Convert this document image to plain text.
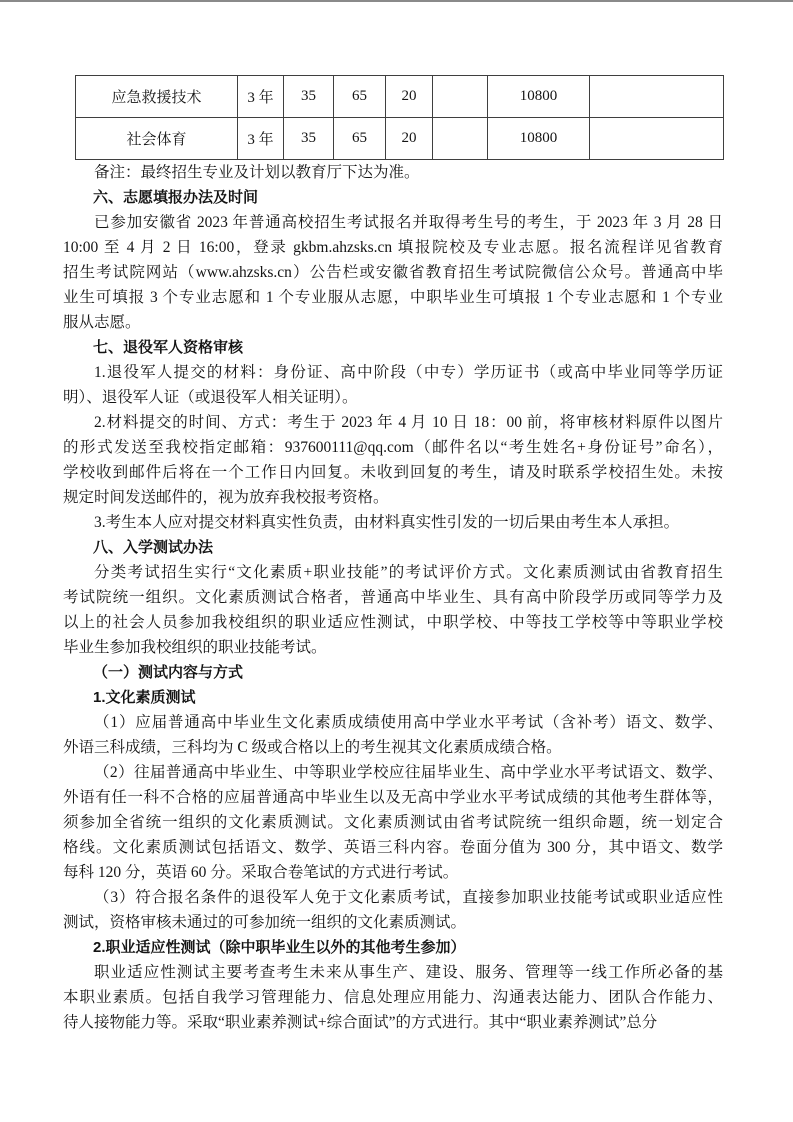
应急救援技术	3 年	35	65	20		10800	
社会体育	3 年	35	65	20		10800	
备注：最终招生专业及计划以教育厅下达为准。
六、志愿填报办法及时间
已参加安徽省 2023 年普通高校招生考试报名并取得考生号的考生，于 2023 年 3 月 28 日
10:00 至 4 月 2 日 16:00，登录 gkbm.ahzsks.cn 填报院校及专业志愿。报名流程详见省教育
招生考试院网站（www.ahzsks.cn）公告栏或安徽省教育招生考试院微信公众号。普通高中毕
业生可填报 3 个专业志愿和 1 个专业服从志愿，中职毕业生可填报 1 个专业志愿和 1 个专业
服从志愿。
七、退役军人资格审核
1.退役军人提交的材料：身份证、高中阶段（中专）学历证书（或高中毕业同等学历证
明）、退役军人证（或退役军人相关证明）。
2.材料提交的时间、方式：考生于 2023 年 4 月 10 日 18：00 前，将审核材料原件以图片
的形式发送至我校指定邮箱：937600111@qq.com（邮件名以“考生姓名+身份证号”命名），
学校收到邮件后将在一个工作日内回复。未收到回复的考生，请及时联系学校招生处。未按
规定时间发送邮件的，视为放弃我校报考资格。
3.考生本人应对提交材料真实性负责，由材料真实性引发的一切后果由考生本人承担。
八、入学测试办法
分类考试招生实行“文化素质+职业技能”的考试评价方式。文化素质测试由省教育招生
考试院统一组织。文化素质测试合格者，普通高中毕业生、具有高中阶段学历或同等学力及
以上的社会人员参加我校组织的职业适应性测试，中职学校、中等技工学校等中等职业学校
毕业生参加我校组织的职业技能考试。
（一）测试内容与方式
1.文化素质测试
（1）应届普通高中毕业生文化素质成绩使用高中学业水平考试（含补考）语文、数学、
外语三科成绩，三科均为 C 级或合格以上的考生视其文化素质成绩合格。
（2）往届普通高中毕业生、中等职业学校应往届毕业生、高中学业水平考试语文、数学、
外语有任一科不合格的应届普通高中毕业生以及无高中学业水平考试成绩的其他考生群体等，
须参加全省统一组织的文化素质测试。文化素质测试由省考试院统一组织命题，统一划定合
格线。文化素质测试包括语文、数学、英语三科内容。卷面分值为 300 分，其中语文、数学
每科 120 分，英语 60 分。采取合卷笔试的方式进行考试。
（3）符合报名条件的退役军人免于文化素质考试，直接参加职业技能考试或职业适应性
测试，资格审核未通过的可参加统一组织的文化素质测试。
2.职业适应性测试（除中职毕业生以外的其他考生参加）
职业适应性测试主要考查考生未来从事生产、建设、服务、管理等一线工作所必备的基
本职业素质。包括自我学习管理能力、信息处理应用能力、沟通表达能力、团队合作能力、
待人接物能力等。采取“职业素养测试+综合面试”的方式进行。其中“职业素养测试”总分
